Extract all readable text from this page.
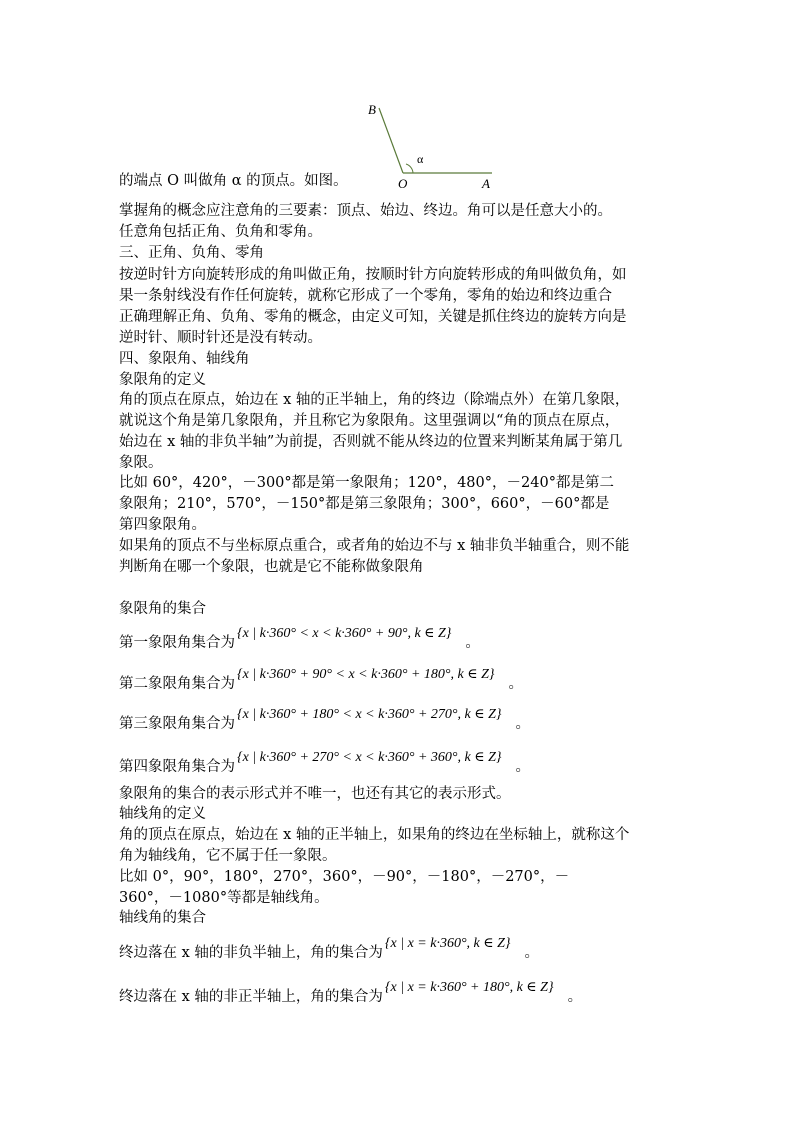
B
α
O	A
的端点 O 叫做角 α 的顶点。如图。
掌握角的概念应注意角的三要素：顶点、始边、终边。角可以是任意大小的。
任意角包括正角、负角和零角。
三、正角、负角、零角
按逆时针方向旋转形成的角叫做正角，按顺时针方向旋转形成的角叫做负角，如
果一条射线没有作任何旋转，就称它形成了一个零角，零角的始边和终边重合
正确理解正角、负角、零角的概念，由定义可知，关键是抓住终边的旋转方向是
逆时针、顺时针还是没有转动。
四、象限角、轴线角
象限角的定义
角的顶点在原点，始边在 x 轴的正半轴上，角的终边（除端点外）在第几象限，
就说这个角是第几象限角，并且称它为象限角。这里强调以“角的顶点在原点，
始边在 x 轴的非负半轴”为前提，否则就不能从终边的位置来判断某角属于第几
象限。
比如 60°，420°，－300°都是第一象限角；120°，480°，－240°都是第二
象限角；210°，570°，－150°都是第三象限角；300°，660°，－60°都是
第四象限角。
如果角的顶点不与坐标原点重合，或者角的始边不与 x 轴非负半轴重合，则不能
判断角在哪一个象限，也就是它不能称做象限角
象限角的集合
第一象限角集合为{x | k·360° < x < k·360° + 90°, k ∈ Z}。
第二象限角集合为{x | k·360° + 90° < x < k·360° + 180°, k ∈ Z}。
第三象限角集合为{x | k·360° + 180° < x < k·360° + 270°, k ∈ Z}。
第四象限角集合为{x | k·360° + 270° < x < k·360° + 360°, k ∈ Z}。
象限角的集合的表示形式并不唯一，也还有其它的表示形式。
轴线角的定义
角的顶点在原点，始边在 x 轴的正半轴上，如果角的终边在坐标轴上，就称这个
角为轴线角，它不属于任一象限。
比如 0°，90°，180°，270°，360°，－90°，－180°，－270°，－
360°，－1080°等都是轴线角。
轴线角的集合
终边落在 x 轴的非负半轴上，角的集合为{x | x = k·360°, k ∈ Z}。
终边落在 x 轴的非正半轴上，角的集合为{x | x = k·360° + 180°, k ∈ Z}。
